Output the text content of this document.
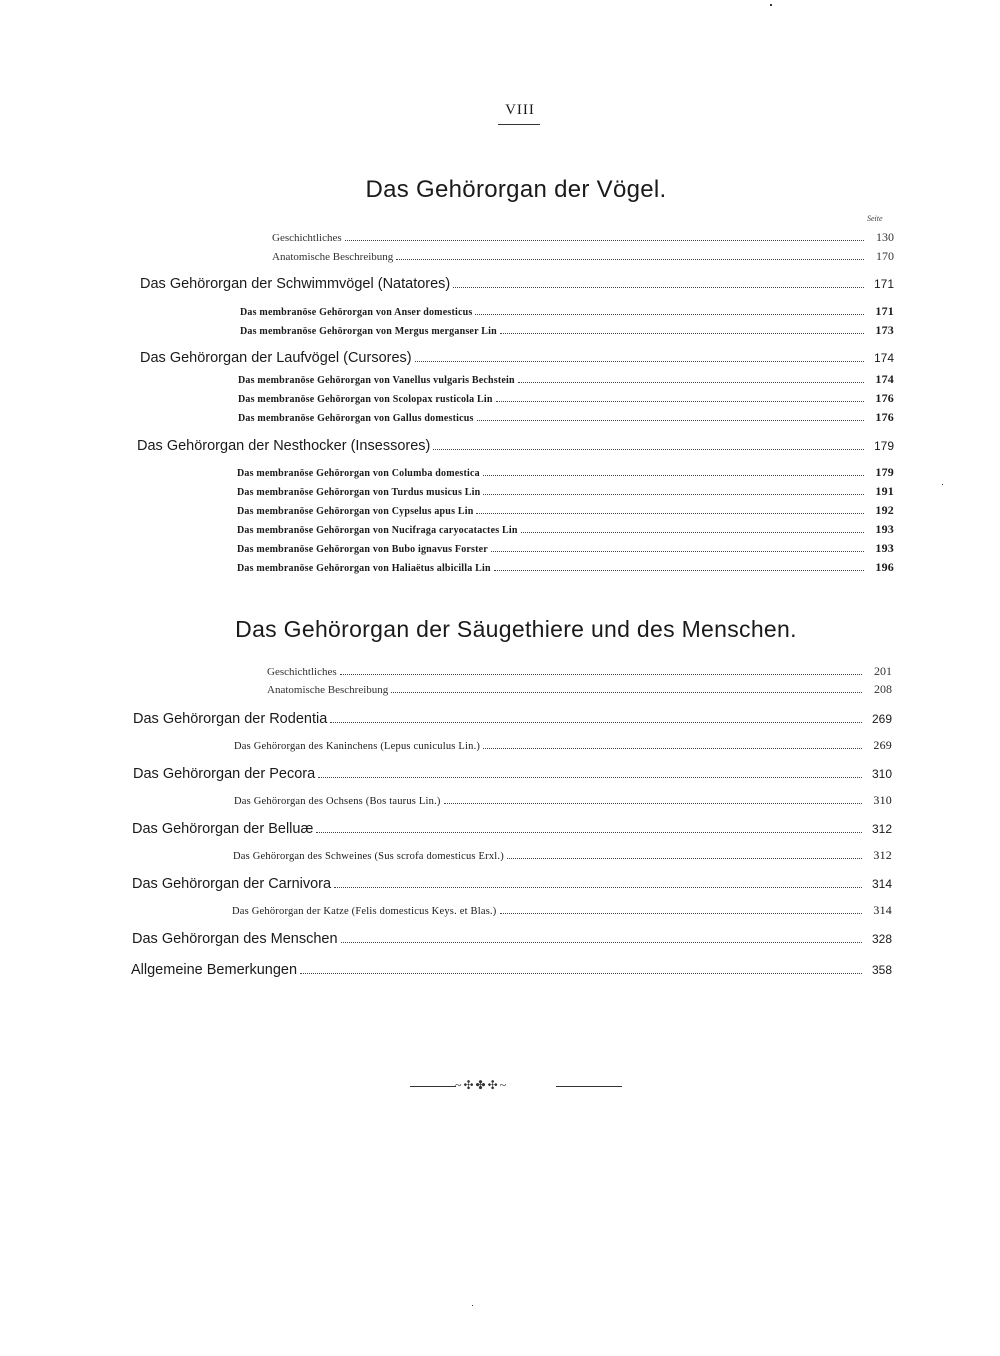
VIII
Das Gehörorgan der Vögel.
Seite
Geschichtliches	130
Anatomische Beschreibung	170
Das Gehörorgan der Schwimmvögel (Natatores)	171
Das membranöse Gehörorgan von Anser domesticus	171
Das membranöse Gehörorgan von Mergus merganser Lin	173
Das Gehörorgan der Laufvögel (Cursores)	174
Das membranöse Gehörorgan von Vanellus vulgaris Bechstein	174
Das membranöse Gehörorgan von Scolopax rusticola Lin	176
Das membranöse Gehörorgan von Gallus domesticus	176
Das Gehörorgan der Nesthocker (Insessores)	179
Das membranöse Gehörorgan von Columba domestica	179
Das membranöse Gehörorgan von Turdus musicus Lin	191
Das membranöse Gehörorgan von Cypselus apus Lin	192
Das membranöse Gehörorgan von Nucifraga caryocatactes Lin	193
Das membranöse Gehörorgan von Bubo ignavus Forster	193
Das membranöse Gehörorgan von Haliaëtus albicilla Lin	196
Das Gehörorgan der Säugethiere und des Menschen.
Geschichtliches	201
Anatomische Beschreibung	208
Das Gehörorgan der Rodentia	269
Das Gehörorgan des Kaninchens (Lepus cuniculus Lin.)	269
Das Gehörorgan der Pecora	310
Das Gehörorgan des Ochsens (Bos taurus Lin.)	310
Das Gehörorgan der Belluæ	312
Das Gehörorgan des Schweines (Sus scrofa domesticus Erxl.)	312
Das Gehörorgan der Carnivora	314
Das Gehörorgan der Katze (Felis domesticus Keys. et Blas.)	314
Das Gehörorgan des Menschen	328
Allgemeine Bemerkungen	358
~✣✤✣~
